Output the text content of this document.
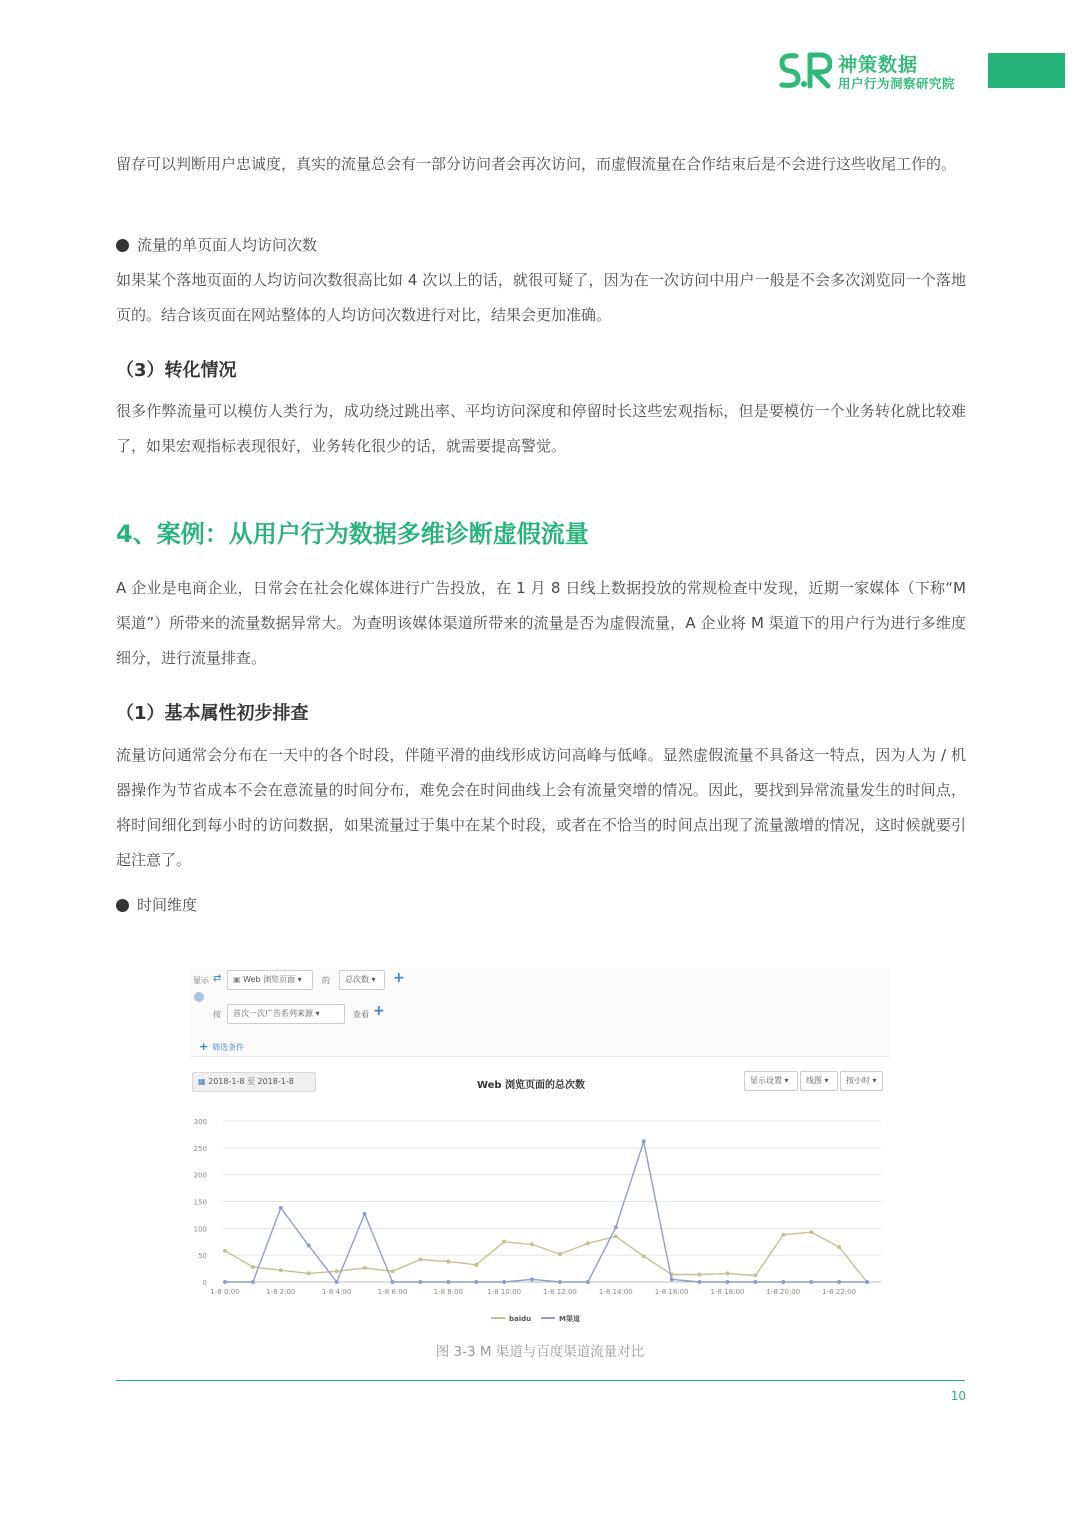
神策数据
用户行为洞察研究院

留存可以判断用户忠诚度，真实的流量总会有一部分访问者会再次访问，而虚假流量在合作结束后是不会进行这些收尾工作的。

流量的单页面人均访问次数

如果某个落地页面的人均访问次数很高比如 4 次以上的话，就很可疑了，因为在一次访问中用户一般是不会多次浏览同一个落地页的。结合该页面在网站整体的人均访问次数进行对比，结果会更加准确。

（3）转化情况

很多作弊流量可以模仿人类行为，成功绕过跳出率、平均访问深度和停留时长这些宏观指标，但是要模仿一个业务转化就比较难了，如果宏观指标表现很好，业务转化很少的话，就需要提高警觉。

4、案例：从用户行为数据多维诊断虚假流量

A 企业是电商企业，日常会在社会化媒体进行广告投放，在 1 月 8 日线上数据投放的常规检查中发现，近期一家媒体（下称“M 渠道”）所带来的流量数据异常大。为查明该媒体渠道所带来的流量是否为虚假流量，A 企业将 M 渠道下的用户行为进行多维度细分，进行流量排查。

（1）基本属性初步排查

流量访问通常会分布在一天中的各个时段，伴随平滑的曲线形成访问高峰与低峰。显然虚假流量不具备这一特点，因为人为 / 机器操作为节省成本不会在意流量的时间分布，难免会在时间曲线上会有流量突增的情况。因此，要找到异常流量发生的时间点，将时间细化到每小时的访问数据，如果流量过于集中在某个时段，或者在不恰当的时间点出现了流量激增的情况，这时候就要引起注意了。

时间维度
显示 ⇄	▣ Web 浏览页面 ▾	的	总次数 ▾	+
按	首次一次广告系列来源 ▾	查看 +
+ 筛选条件
▦ 2018-1-8 至 2018-1-8	Web 浏览页面的总次数	显示设置 ▾	线图 ▾	按小时 ▾
0
50
100
150
200
250
300
1-8 0:00	1-8 2:00	1-8 4:00	1-8 6:00	1-8 8:00	1-8 10:00	1-8 12:00	1-8 14:00	1-8 16:00	1-8 18:00	1-8 20:00	1-8 22:00
baidu	M渠道
图 3-3 M 渠道与百度渠道流量对比
10
